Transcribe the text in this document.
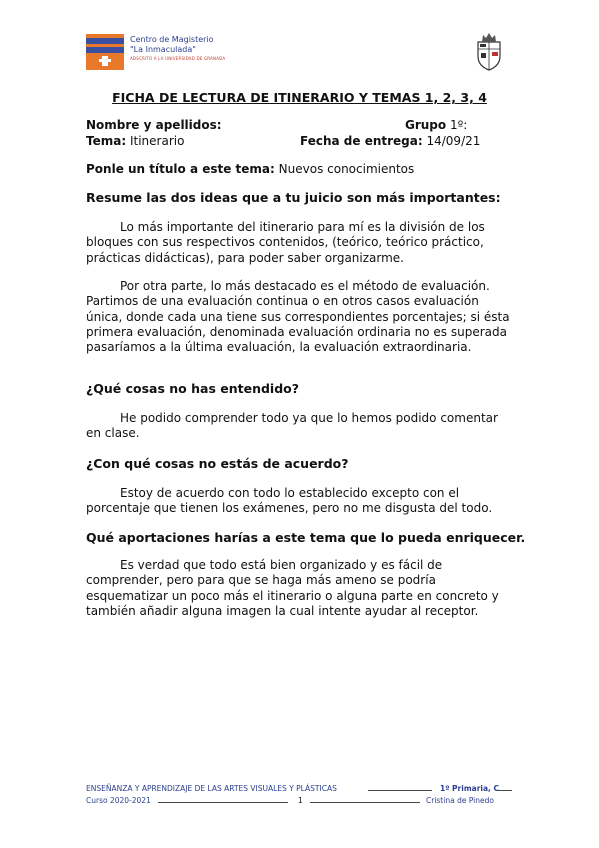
Centro de Magisterio
"La Inmaculada"
ADSCRITO A LA UNIVERSIDAD DE GRANADA
FICHA DE LECTURA DE ITINERARIO Y TEMAS 1, 2, 3, 4
Nombre y apellidos:	Grupo 1º:
Tema: Itinerario	Fecha de entrega: 14/09/21
Ponle un título a este tema: Nuevos conocimientos
Resume las dos ideas que a tu juicio son más importantes:

Lo más importante del itinerario para mí es la división de los bloques con sus respectivos contenidos, (teórico, teórico práctico, prácticas didácticas), para poder saber organizarme.

Por otra parte, lo más destacado es el método de evaluación. Partimos de una evaluación continua o en otros casos evaluación única, donde cada una tiene sus correspondientes porcentajes; si ésta primera evaluación, denominada evaluación ordinaria no es superada pasaríamos a la última evaluación, la evaluación extraordinaria.

¿Qué cosas no has entendido?

He podido comprender todo ya que lo hemos podido comentar en clase.

¿Con qué cosas no estás de acuerdo?

Estoy de acuerdo con todo lo establecido excepto con el porcentaje que tienen los exámenes, pero no me disgusta del todo.

Qué aportaciones harías a este tema que lo pueda enriquecer.

Es verdad que todo está bien organizado y es fácil de comprender, pero para que se haga más ameno se podría esquematizar un poco más el itinerario o alguna parte en concreto y también añadir alguna imagen la cual intente ayudar al receptor.

ENSEÑANZA Y APRENDIZAJE DE LAS ARTES VISUALES Y PLÁSTICAS	1º Primaria, C
Curso 2020-2021	1	Cristina de Pinedo
